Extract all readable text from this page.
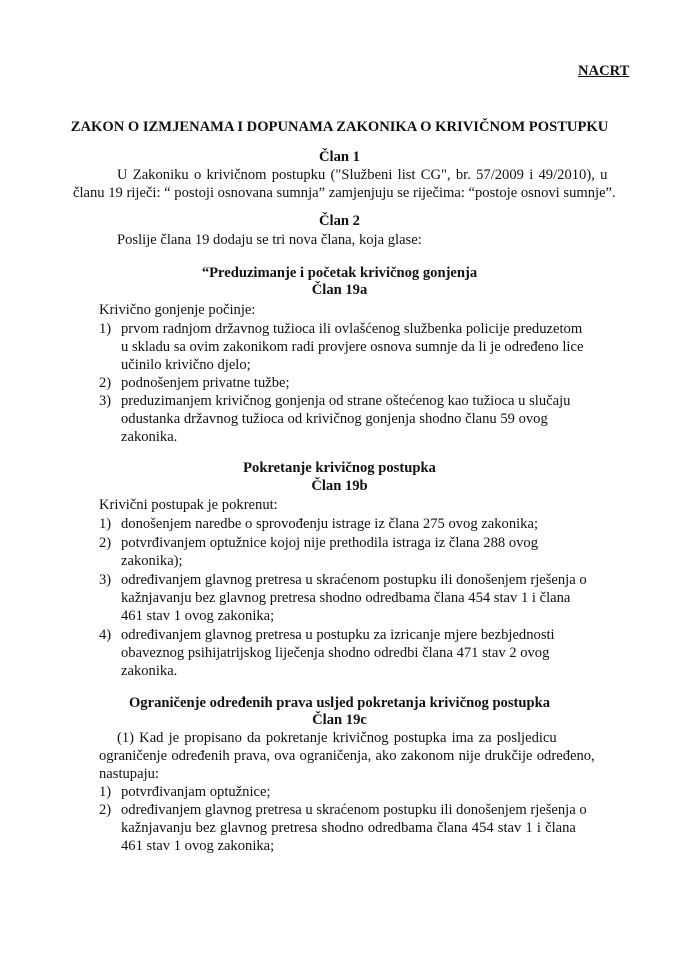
NACRT
ZAKON O IZMJENAMA I DOPUNAMA ZAKONIKA O KRIVIČNOM POSTUPKU
Član 1
U Zakoniku o krivičnom postupku ("Službeni list CG", br. 57/2009 i 49/2010), u
članu 19 riječi: “ postoji osnovana sumnja” zamjenjuju se riječima: “postoje osnovi sumnje”.
Član 2
Poslije člana 19 dodaju se tri nova člana, koja glase:
“Preduzimanje i početak krivičnog gonjenja
Član 19a
Krivično gonjenje počinje:
1) prvom radnjom državnog tužioca ili ovlašćenog službenka policije preduzetom
u skladu sa ovim zakonikom radi provjere osnova sumnje da li je određeno lice
učinilo krivično djelo;
2) podnošenjem privatne tužbe;
3) preduzimanjem krivičnog gonjenja od strane oštećenog kao tužioca u slučaju
odustanka državnog tužioca od krivičnog gonjenja shodno članu 59 ovog
zakonika.
Pokretanje krivičnog postupka
Član 19b
Krivični postupak je pokrenut:
1) donošenjem naredbe o sprovođenju istrage iz člana 275 ovog zakonika;
2) potvrđivanjem optužnice kojoj nije prethodila istraga iz člana 288 ovog
zakonika);
3) određivanjem glavnog pretresa u skraćenom postupku ili donošenjem rješenja o
kažnjavanju bez glavnog pretresa shodno odredbama člana 454 stav 1 i člana
461 stav 1 ovog zakonika;
4) određivanjem glavnog pretresa u postupku za izricanje mjere bezbjednosti
obaveznog psihijatrijskog liječenja shodno odredbi člana 471 stav 2 ovog
zakonika.
Ograničenje određenih prava usljed pokretanja krivičnog postupka
Član 19c
(1) Kad je propisano da pokretanje krivičnog postupka ima za posljedicu
ograničenje određenih prava, ova ograničenja, ako zakonom nije drukčije određeno,
nastupaju:
1) potvrđivanjam optužnice;
2) određivanjem glavnog pretresa u skraćenom postupku ili donošenjem rješenja o
kažnjavanju bez glavnog pretresa shodno odredbama člana 454 stav 1 i člana
461 stav 1 ovog zakonika;
